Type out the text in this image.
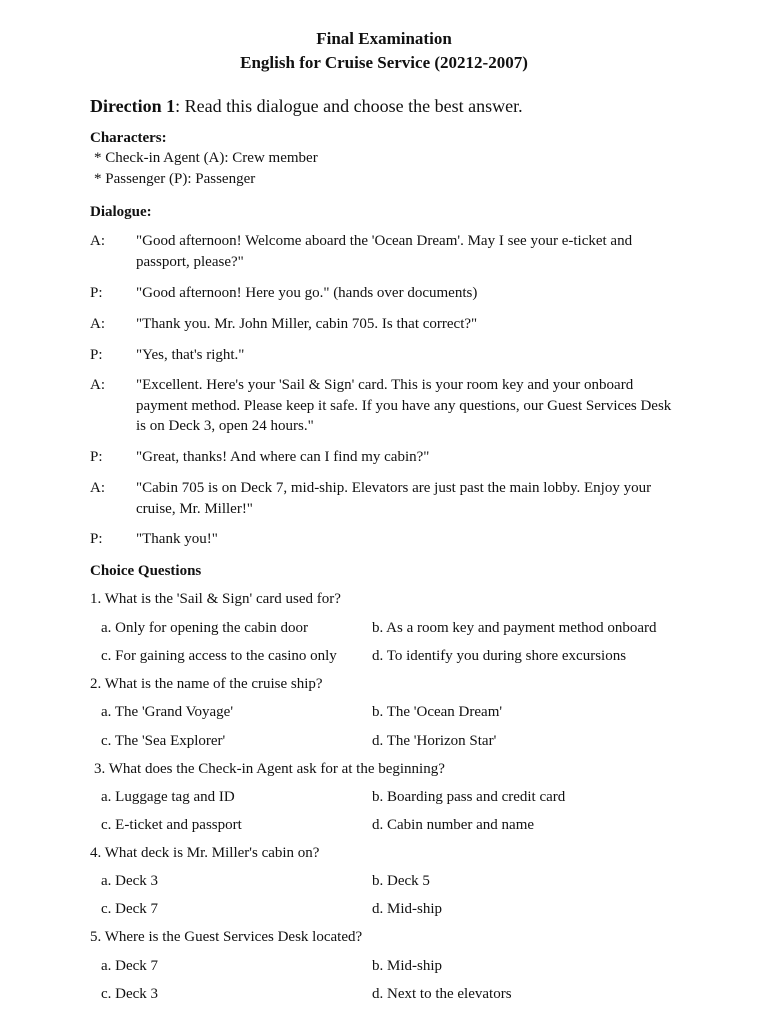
Final Examination
English for Cruise Service (20212-2007)
Direction 1: Read this dialogue and choose the best answer.
Characters:
* Check-in Agent (A): Crew member
* Passenger (P): Passenger
Dialogue:
A: "Good afternoon! Welcome aboard the 'Ocean Dream'. May I see your e-ticket and passport, please?"
P: "Good afternoon! Here you go." (hands over documents)
A: "Thank you. Mr. John Miller, cabin 705. Is that correct?"
P: "Yes, that's right."
A: "Excellent. Here's your 'Sail & Sign' card. This is your room key and your onboard payment method. Please keep it safe. If you have any questions, our Guest Services Desk is on Deck 3, open 24 hours."
P: "Great, thanks! And where can I find my cabin?"
A: "Cabin 705 is on Deck 7, mid-ship. Elevators are just past the main lobby. Enjoy your cruise, Mr. Miller!"
P: "Thank you!"
Choice Questions
1. What is the 'Sail & Sign' card used for?
a. Only for opening the cabin door	b. As a room key and payment method onboard
c. For gaining access to the casino only d. To identify you during shore excursions
2. What is the name of the cruise ship?
a. The 'Grand Voyage'	b. The 'Ocean Dream'
c. The 'Sea Explorer'	d. The 'Horizon Star'
3. What does the Check-in Agent ask for at the beginning?
a. Luggage tag and ID	b. Boarding pass and credit card
c. E-ticket and passport	d. Cabin number and name
4. What deck is Mr. Miller's cabin on?
a. Deck 3	b. Deck 5
c. Deck 7	d. Mid-ship
5. Where is the Guest Services Desk located?
a. Deck 7	b. Mid-ship
c. Deck 3	d. Next to the elevators
